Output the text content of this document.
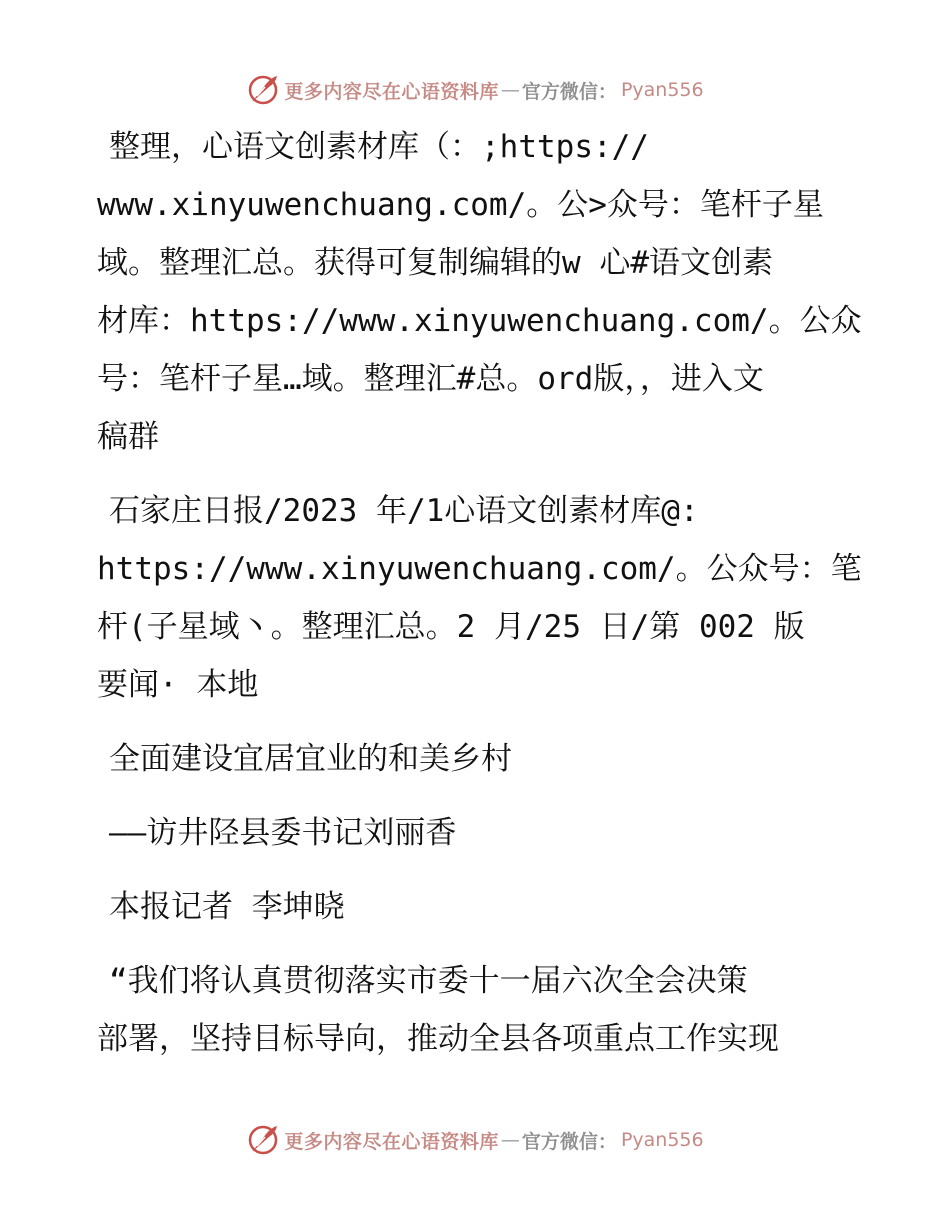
更多内容尽在心语资料库 — 官方微信： Pyan556

整理，心语文创素材库（：;https://
www.xinyuwenchuang.com/。公>众号：笔杆子星
域。整理汇总。获得可复制编辑的w 心#语文创素
材库：https://www.xinyuwenchuang.com/。公众
号：笔杆子星…域。整理汇#总。ord版，，进入文
稿群

石家庄日报/2023 年/1心语文创素材库@:
https://www.xinyuwenchuang.com/。公众号：笔
杆(子星域丶。整理汇总。2 月/25 日/第 002 版
要闻· 本地

全面建设宜居宜业的和美乡村

——访井陉县委书记刘丽香

本报记者 李坤晓

“我们将认真贯彻落实市委十一届六次全会决策
部署，坚持目标导向，推动全县各项重点工作实现

更多内容尽在心语资料库 — 官方微信： Pyan556
